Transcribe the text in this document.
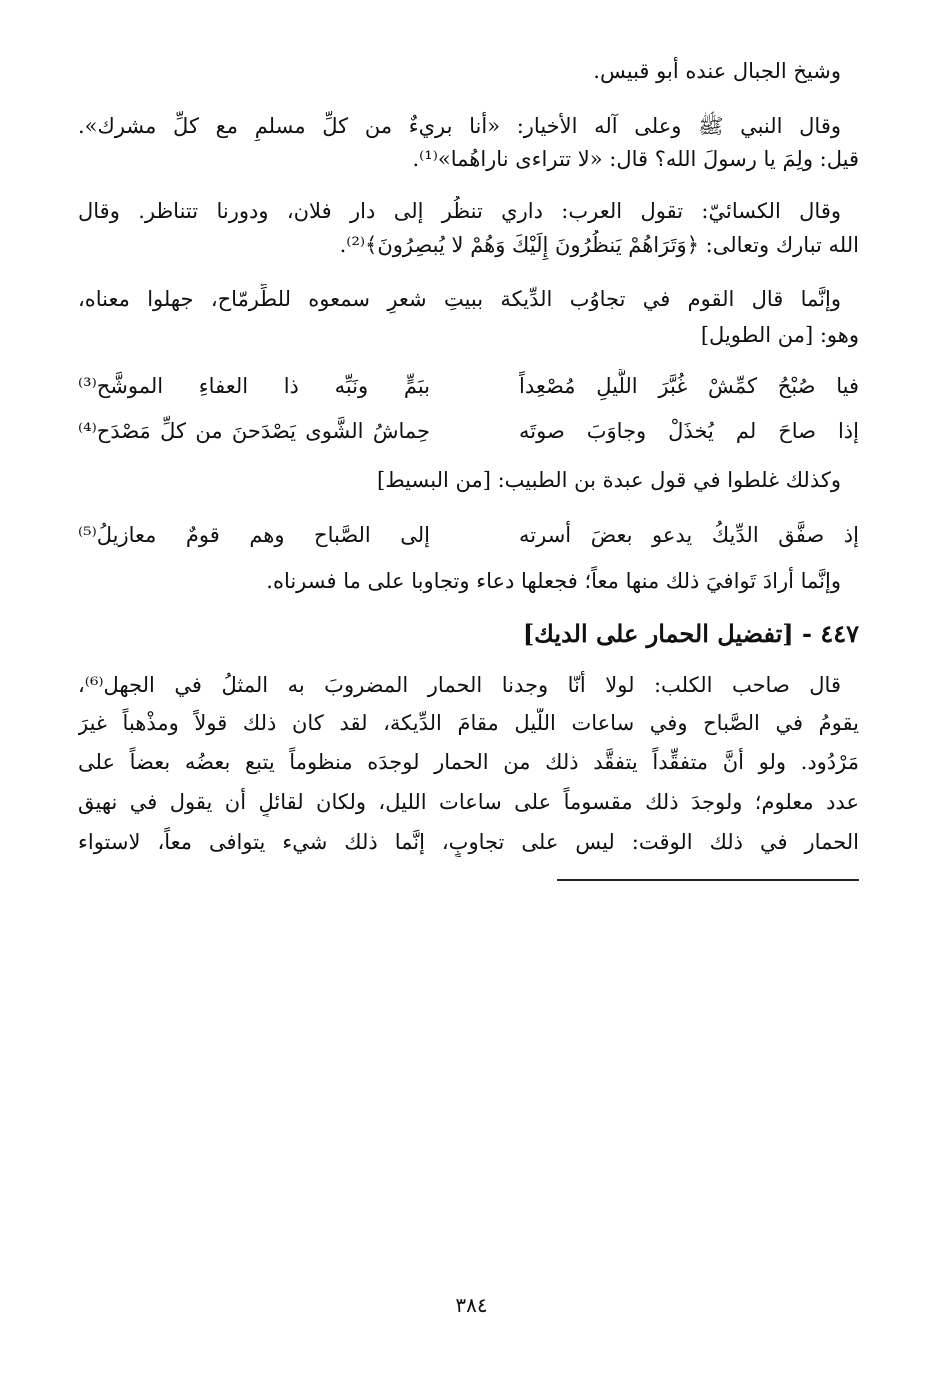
وشيخ الجبال عنده أبو قبيس.
وقال النبي ﷺ وعلى آله الأخيار: «أنا بريءٌ من كلِّ مسلمٍ مع كلِّ مشرك».
قيل: ولِمَ يا رسولَ الله؟ قال: «لا تتراءى ناراهُما»⁽¹⁾.
وقال الكسائيّ: تقول العرب: داري تنظُر إلى دار فلان، ودورنا تتناظر. وقال
الله تبارك وتعالى: ﴿وَتَرَاهُمْ يَنظُرُونَ إِلَيْكَ وَهُمْ لا يُبصِرُونَ﴾⁽²⁾.
وإنَّما قال القوم في تجاوُب الدِّيكة ببيتِ شعرٍ سمعوه للطِّرمّاح، جهلوا معناه،
وهو: [من الطويل]
فيا صُبْحُ كمِّشْ غُبَّرَ اللَّيلِ مُصْعِداً
ببَمٍّ ونَبِّه ذا العفاءِ الموشَّح⁽³⁾
إذا صاحَ لم يُخذَلْ وجاوَبَ صوتَه
حِماشُ الشَّوى يَصْدَحنَ من كلِّ مَصْدَح⁽⁴⁾
وكذلك غلطوا في قول عبدة بن الطبيب: [من البسيط]
إذ صفَّق الدِّيكُ يدعو بعضَ أسرته
إلى الصَّباح وهم قومٌ معازيلُ⁽⁵⁾
وإنَّما أرادَ تَوافيَ ذلك منها معاً؛ فجعلها دعاء وتجاوبا على ما فسرناه.
٤٤٧ - [تفضيل الحمار على الديك]
قال صاحب الكلب: لولا أنّا وجدنا الحمار المضروبَ به المثلُ في الجهل⁽⁶⁾،
يقومُ في الصَّباح وفي ساعات اللَّيل مقامَ الدِّيكة، لقد كان ذلك قولاً ومذْهباً غيرَ
مَرْدُود. ولو أنَّ متفقِّداً يتفقَّد ذلك من الحمار لوجدَه منظوماً يتبع بعضُه بعضاً على
عدد معلوم؛ ولوجدَ ذلك مقسوماً على ساعات الليل، ولكان لقائلٍ أن يقول في نهيق
الحمار في ذلك الوقت: ليس على تجاوبٍ، إنَّما ذلك شيء يتوافى معاً، لاستواء
٣٨٤
